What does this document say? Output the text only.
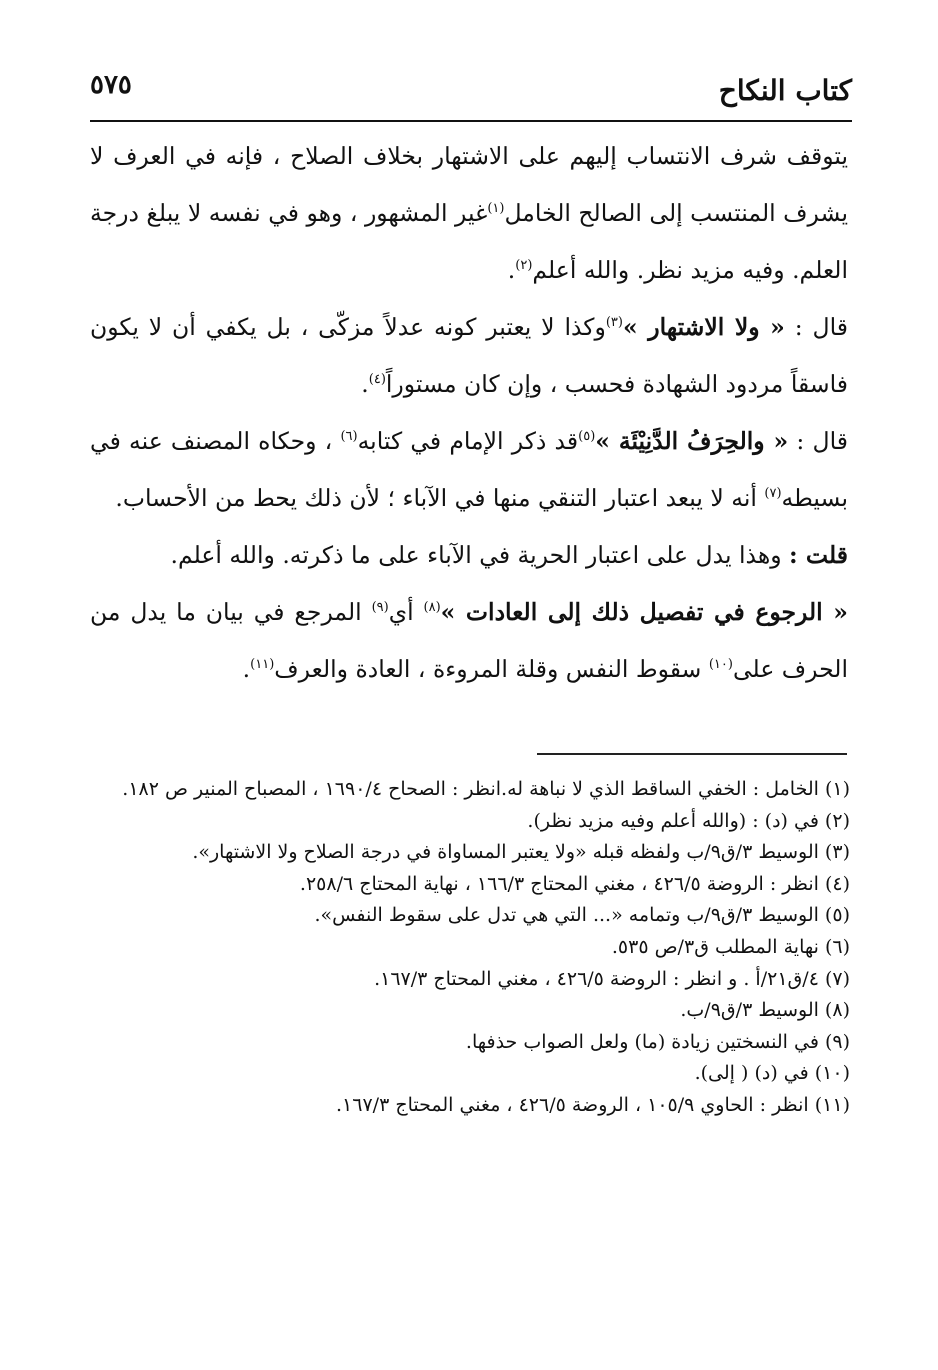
٥٧٥	كتاب النكاح

يتوقف شرف الانتساب إليهم على الاشتهار بخلاف الصلاح ، فإنه في العرف لا يشرف المنتسب إلى الصالح الخامل$^{(١)}$غير المشهور ، وهو في نفسه لا يبلغ درجة العلم. وفيه مزيد نظر. والله أعلم$^{(٢)}$.

قال : « ولا الاشتهار »$^{(٣)}$وكذا لا يعتبر كونه عدلاً مزكّى ، بل يكفي أن لا يكون فاسقاً مردود الشهادة فحسب ، وإن كان مستوراً$^{(٤)}$.

قال : « والحِرَفُ الدَّنِيْئَة »$^{(٥)}$قد ذكر الإمام في كتابه$^{(٦)}$ ، وحكاه المصنف عنه في بسيطه$^{(٧)}$ أنه لا يبعد اعتبار التنقي منها في الآباء ؛ لأن ذلك يحط من الأحساب.

قلت : وهذا يدل على اعتبار الحرية في الآباء على ما ذكرته. والله أعلم.

« الرجوع في تفصيل ذلك إلى العادات »$^{(٨)}$ أي$^{(٩)}$ المرجع في بيان ما يدل من الحرف على$^{(١٠)}$ سقوط النفس وقلة المروءة ، العادة والعرف$^{(١١)}$.

(١) الخامل : الخفي الساقط الذي لا نباهة له.انظر : الصحاح ١٦٩٠/٤ ، المصباح المنير ص ١٨٢.
(٢) في (د) : (والله أعلم وفيه مزيد نظر).
(٣) الوسيط ٣/ق٩/ب ولفظه قبله «ولا يعتبر المساواة في درجة الصلاح ولا الاشتهار».
(٤) انظر : الروضة ٤٢٦/٥ ، مغني المحتاج ١٦٦/٣ ، نهاية المحتاج ٢٥٨/٦.
(٥) الوسيط ٣/ق٩/ب وتمامه «... التي هي تدل على سقوط النفس».
(٦) نهاية المطلب ق٣/ص ٥٣٥.
(٧) ٤/ق٢١/أ . و انظر : الروضة ٤٢٦/٥ ، مغني المحتاج ١٦٧/٣.
(٨) الوسيط ٣/ق٩/ب.
(٩) في النسختين زيادة (ما) ولعل الصواب حذفها.
(١٠) في (د) ( إلى).
(١١) انظر : الحاوي ١٠٥/٩ ، الروضة ٤٢٦/٥ ، مغني المحتاج ١٦٧/٣.
